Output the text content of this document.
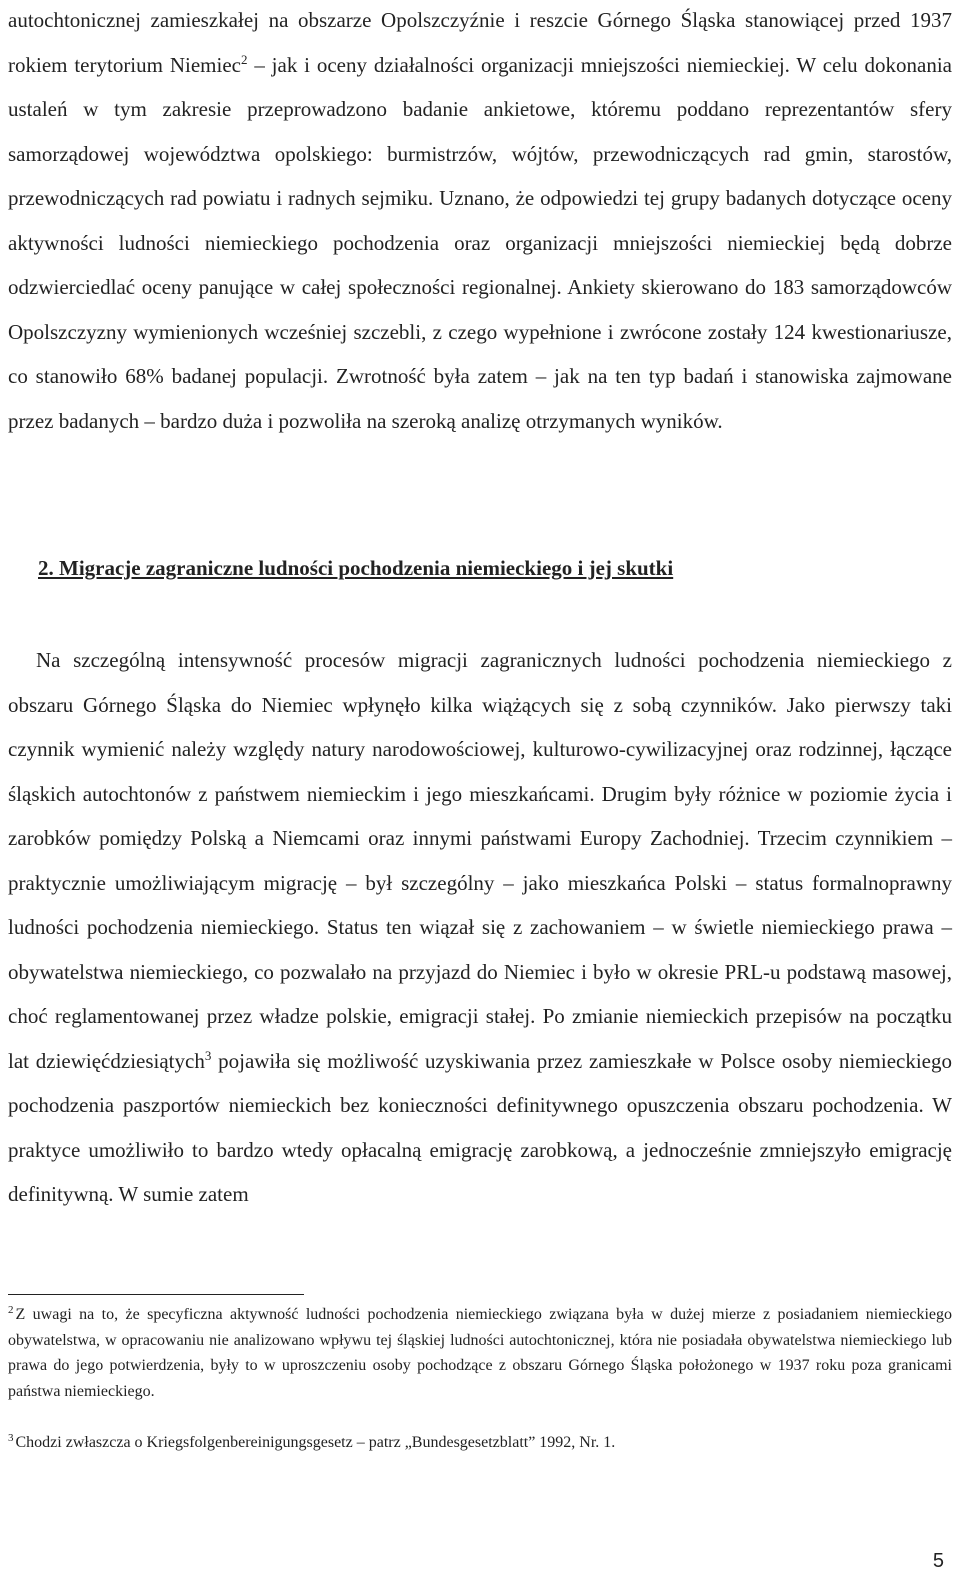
autochtonicznej zamieszkałej na obszarze Opolszczyźnie i reszcie Górnego Śląska stanowiącej przed 1937 rokiem terytorium Niemiec$^2$ – jak i oceny działalności organizacji mniejszości niemieckiej. W celu dokonania ustaleń w tym zakresie przeprowadzono badanie ankietowe, któremu poddano reprezentantów sfery samorządowej województwa opolskiego: burmistrzów, wójtów, przewodniczących rad gmin, starostów, przewodniczących rad powiatu i radnych sejmiku. Uznano, że odpowiedzi tej grupy badanych dotyczące oceny aktywności ludności niemieckiego pochodzenia oraz organizacji mniejszości niemieckiej będą dobrze odzwierciedlać oceny panujące w całej społeczności regionalnej. Ankiety skierowano do 183 samorządowców Opolszczyzny wymienionych wcześniej szczebli, z czego wypełnione i zwrócone zostały 124 kwestionariusze, co stanowiło 68% badanej populacji. Zwrotność była zatem – jak na ten typ badań i stanowiska zajmowane przez badanych – bardzo duża i pozwoliła na szeroką analizę otrzymanych wyników.

2. Migracje zagraniczne ludności pochodzenia niemieckiego i jej skutki

Na szczególną intensywność procesów migracji zagranicznych ludności pochodzenia niemieckiego z obszaru Górnego Śląska do Niemiec wpłynęło kilka wiążących się z sobą czynników. Jako pierwszy taki czynnik wymienić należy względy natury narodowościowej, kulturowo-cywilizacyjnej oraz rodzinnej, łączące śląskich autochtonów z państwem niemieckim i jego mieszkańcami. Drugim były różnice w poziomie życia i zarobków pomiędzy Polską a Niemcami oraz innymi państwami Europy Zachodniej. Trzecim czynnikiem – praktycznie umożliwiającym migrację – był szczególny – jako mieszkańca Polski – status formalnoprawny ludności pochodzenia niemieckiego. Status ten wiązał się z zachowaniem – w świetle niemieckiego prawa – obywatelstwa niemieckiego, co pozwalało na przyjazd do Niemiec i było w okresie PRL-u podstawą masowej, choć reglamentowanej przez władze polskie, emigracji stałej. Po zmianie niemieckich przepisów na początku lat dziewięćdziesiątych$^3$ pojawiła się możliwość uzyskiwania przez zamieszkałe w Polsce osoby niemieckiego pochodzenia paszportów niemieckich bez konieczności definitywnego opuszczenia obszaru pochodzenia. W praktyce umożliwiło to bardzo wtedy opłacalną emigrację zarobkową, a jednocześnie zmniejszyło emigrację definitywną. W sumie zatem

$^2$ Z uwagi na to, że specyficzna aktywność ludności pochodzenia niemieckiego związana była w dużej mierze z posiadaniem niemieckiego obywatelstwa, w opracowaniu nie analizowano wpływu tej śląskiej ludności autochtonicznej, która nie posiadała obywatelstwa niemieckiego lub prawa do jego potwierdzenia, były to w uproszczeniu osoby pochodzące z obszaru Górnego Śląska położonego w 1937 roku poza granicami państwa niemieckiego.

$^3$ Chodzi zwłaszcza o Kriegsfolgenbereinigungsgesetz – patrz „Bundesgesetzblatt” 1992, Nr. 1.

5
